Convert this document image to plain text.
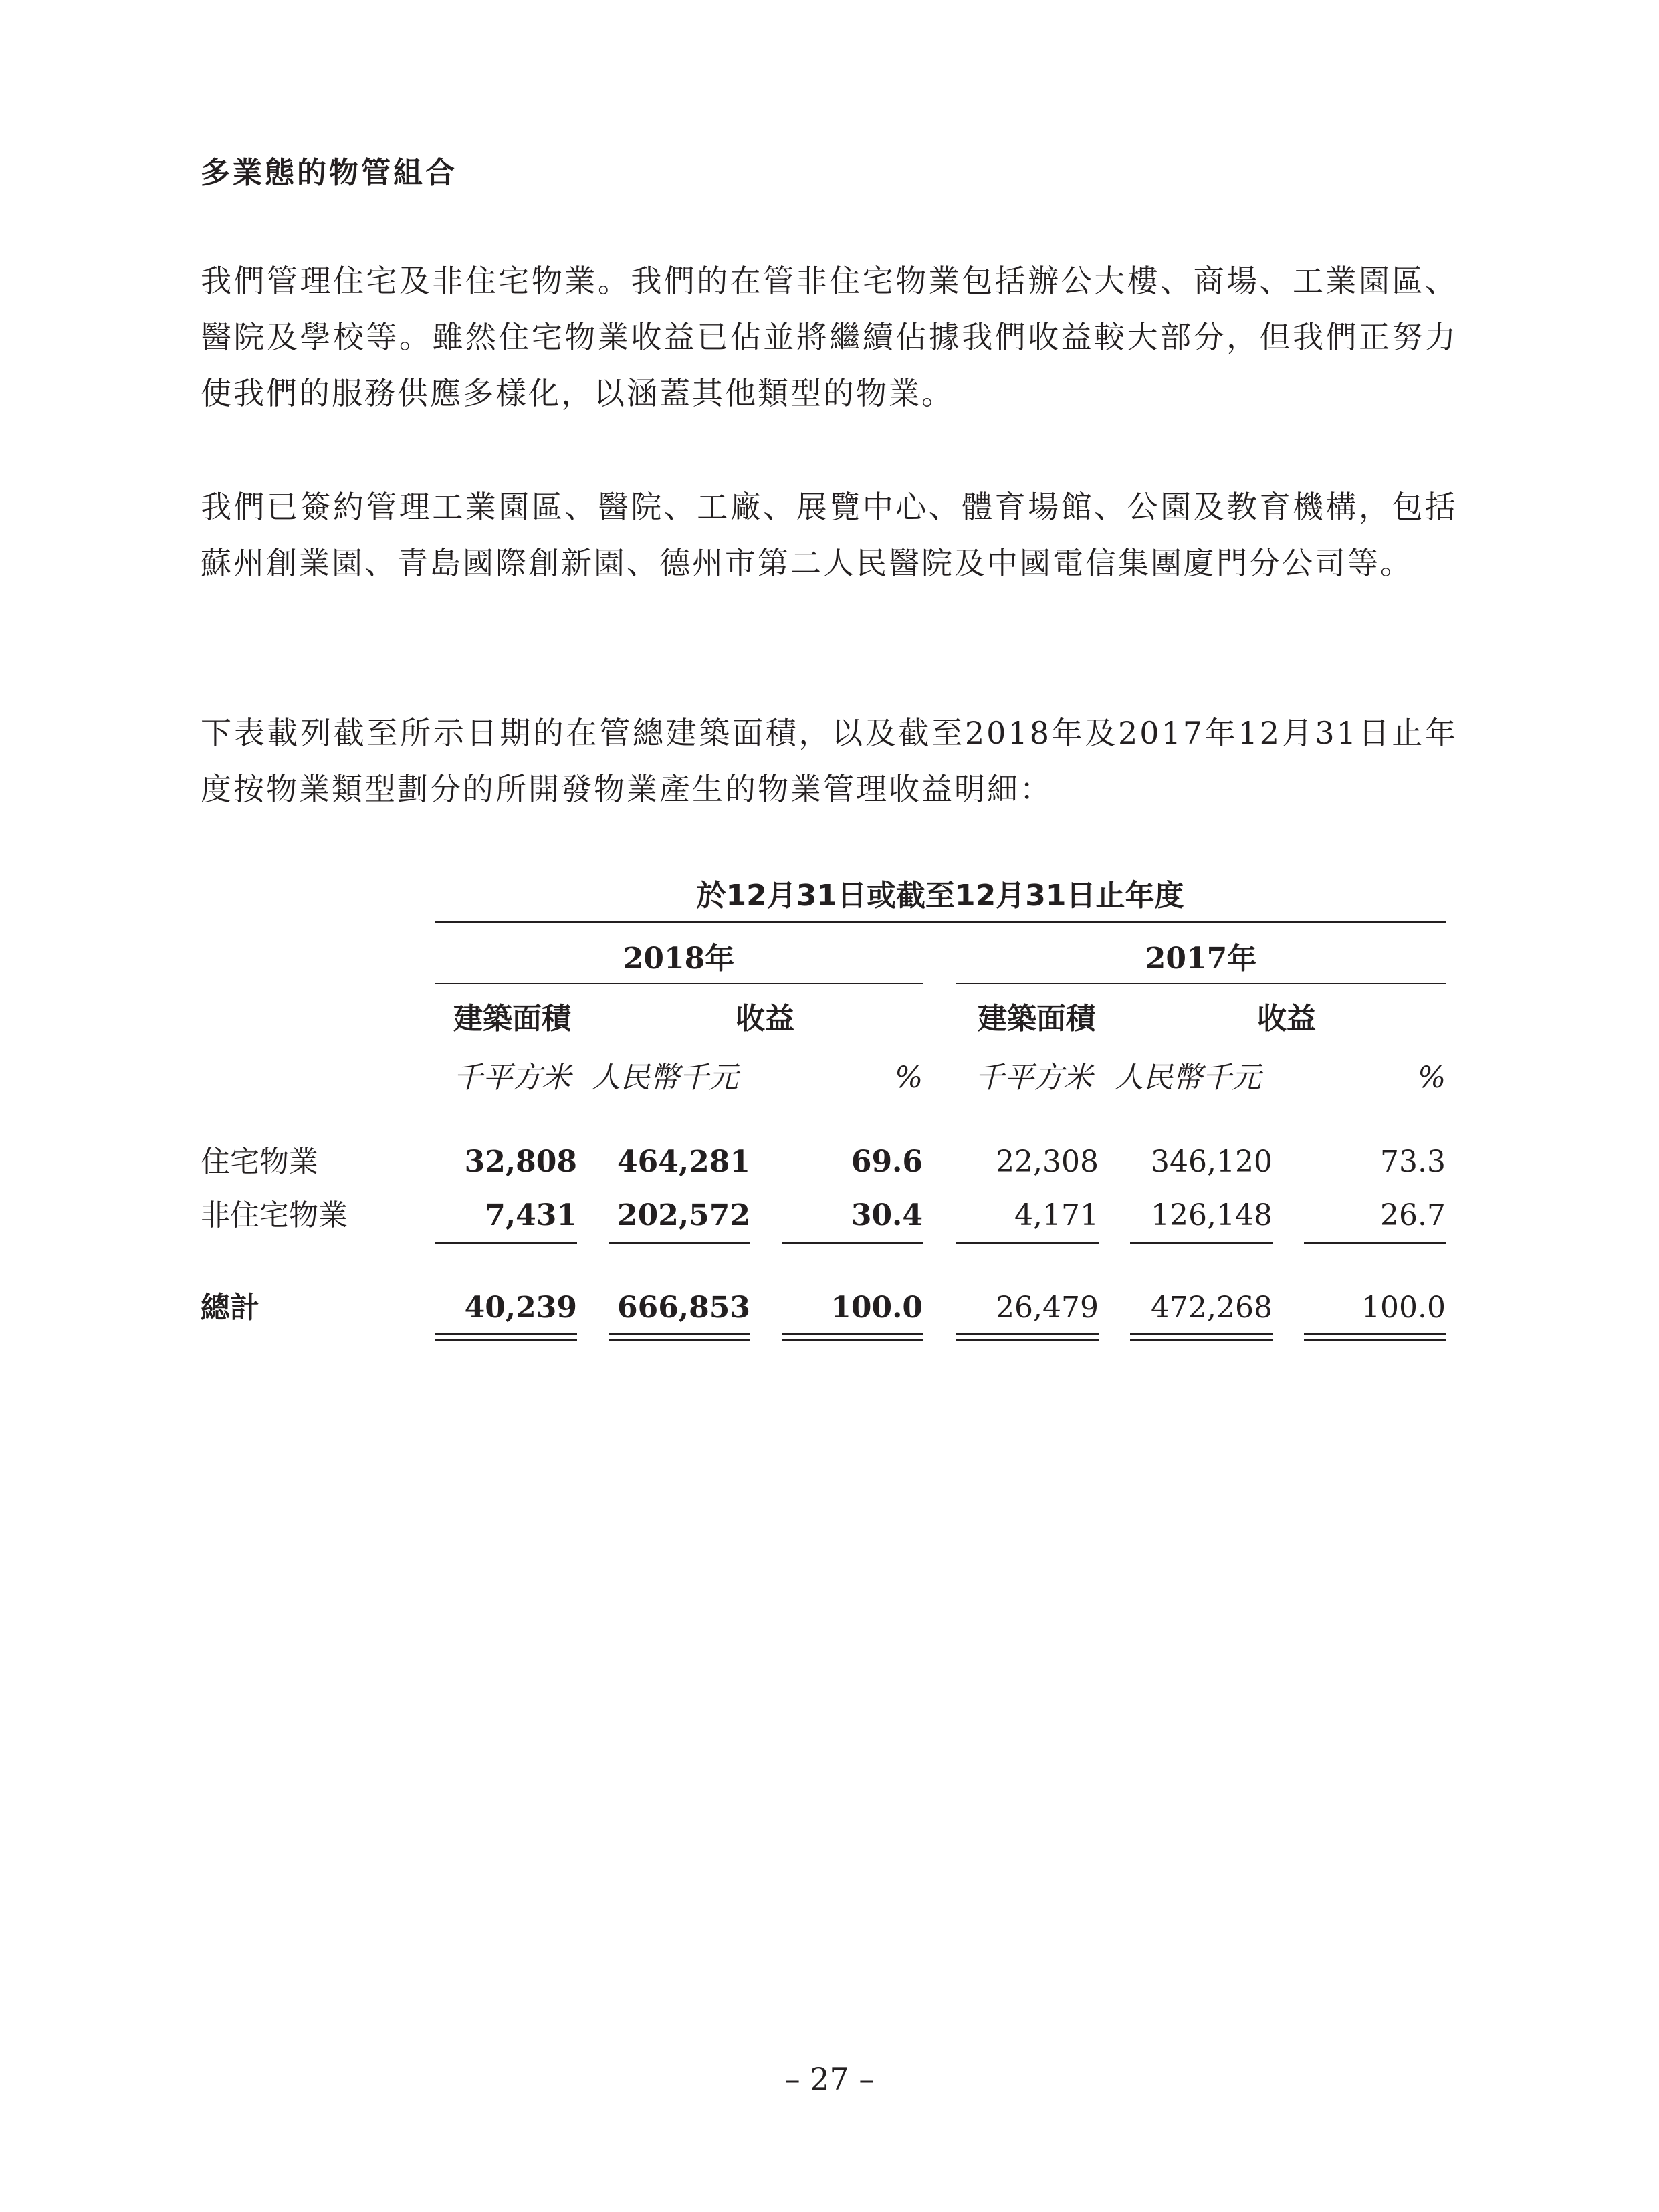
多業態的物管組合

我們管理住宅及非住宅物業。我們的在管非住宅物業包括辦公大樓、商場、工業園區、醫院及學校等。雖然住宅物業收益已佔並將繼續佔據我們收益較大部分，但我們正努力使我們的服務供應多樣化，以涵蓋其他類型的物業。

我們已簽約管理工業園區、醫院、工廠、展覽中心、體育場館、公園及教育機構，包括蘇州創業園、青島國際創新園、德州市第二人民醫院及中國電信集團廈門分公司等。

下表載列截至所示日期的在管總建築面積，以及截至2018年及2017年12月31日止年度按物業類型劃分的所開發物業產生的物業管理收益明細：

於12月31日或截至12月31日止年度
2018年	2017年
建築面積	收益	建築面積	收益
千平方米 人民幣千元	% 千平方米 人民幣千元	%
住宅物業	32,808 464,281	69.6	22,308	346,120	73.3
非住宅物業	7,431 202,572	30.4	4,171	126,148	26.7
總計	40,239 666,853	100.0	26,479	472,268	100.0

– 27 –
